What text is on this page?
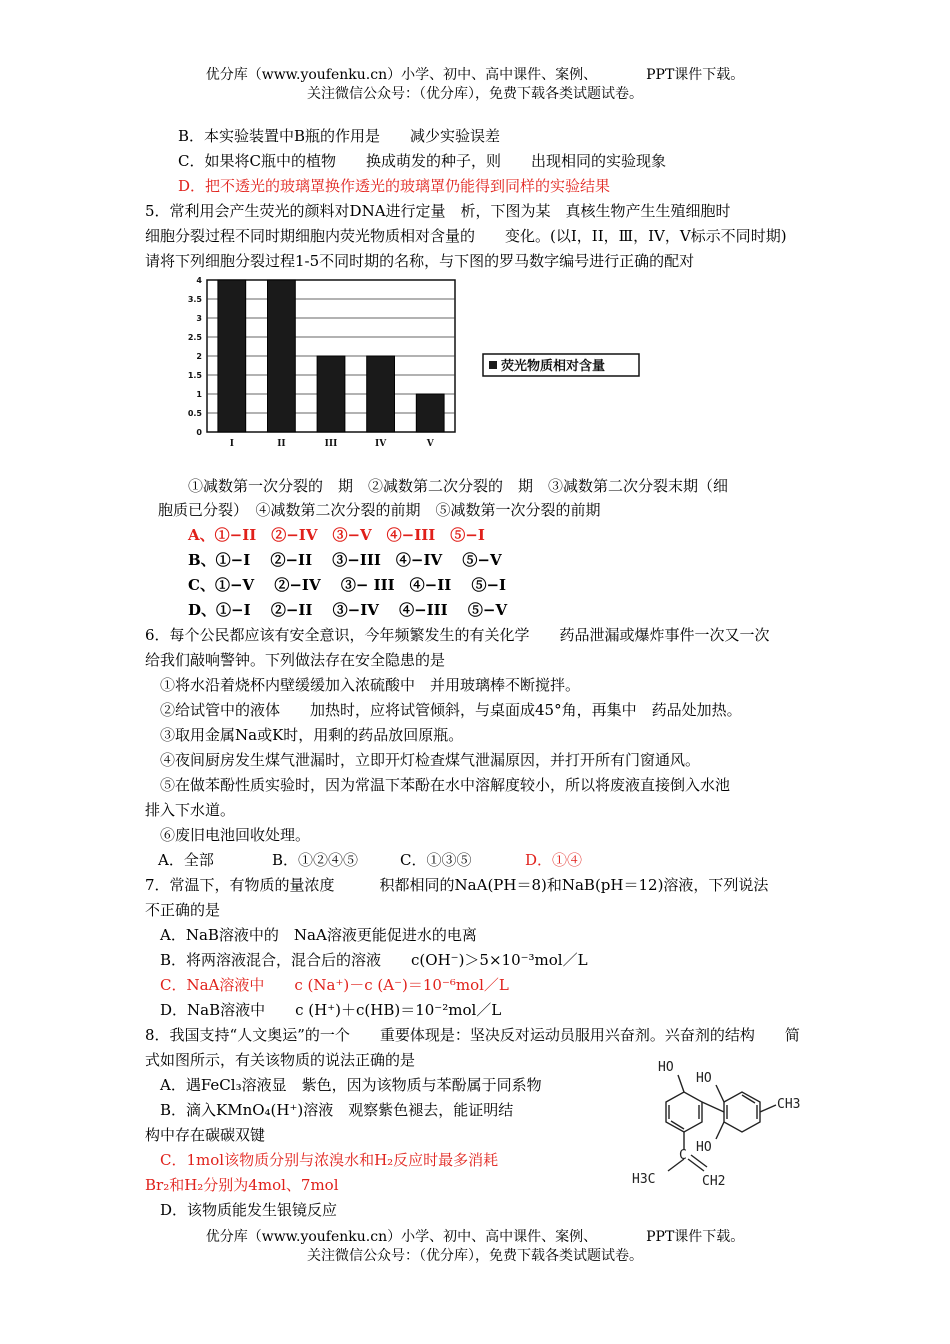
优分库（www.youfenku.cn）小学、初中、高中课件、案例、　　　　PPT课件下载。
关注微信公众号：（优分库），免费下载各类试题试卷。
B．本实验装置中B瓶的作用是　　减少实验误差
C．如果将C瓶中的植物　　换成萌发的种子，则　　出现相同的实验现象
D．把不透光的玻璃罩换作透光的玻璃罩仍能得到同样的实验结果
5．常利用会产生荧光的颜料对DNA进行定量　析，下图为某　真核生物产生生殖细胞时
细胞分裂过程不同时期细胞内荧光物质相对含量的　　变化。(以I，II，Ⅲ，IV，V标示不同时期)
请将下列细胞分裂过程1-5不同时期的名称，与下图的罗马数字编号进行正确的配对
0
0.5
1
1.5
2
2.5
3
3.5
4
I	II	III	IV	V
荧光物质相对含量
①减数第一次分裂的　期　②减数第二次分裂的　期　③减数第二次分裂末期（细
胞质已分裂）　④减数第二次分裂的前期　⑤减数第一次分裂的前期
A、①−II　②−IV　③−V　④−III　⑤−I
B、①−I　 ②−II　 ③−III　④−IV　 ⑤−V
C、①−V　 ②−IV　 ③− III　④−II　 ⑤−I
D、①−I　 ②−II　 ③−IV　 ④−III　 ⑤−V
6．每个公民都应该有安全意识，今年频繁发生的有关化学　　药品泄漏或爆炸事件一次又一次
给我们敲响警钟。下列做法存在安全隐患的是
①将水沿着烧杯内壁缓缓加入浓硫酸中　并用玻璃棒不断搅拌。
②给试管中的液体　　加热时，应将试管倾斜，与桌面成45°角，再集中　药品处加热。
③取用金属Na或K时，用剩的药品放回原瓶。
④夜间厨房发生煤气泄漏时，立即开灯检查煤气泄漏原因，并打开所有门窗通风。
⑤在做苯酚性质实验时，因为常温下苯酚在水中溶解度较小，所以将废液直接倒入水池
排入下水道。
⑥废旧电池回收处理。
A．全部	B．①②④⑤	C．①③⑤	D．①④
7．常温下，有物质的量浓度　　　积都相同的NaA(PH＝8)和NaB(pH＝12)溶液，下列说法
不正确的是
A．NaB溶液中的　NaA溶液更能促进水的电离
B．将两溶液混合，混合后的溶液　　c(OH⁻)＞5×10⁻³mol／L
C．NaA溶液中　　c (Na⁺)－c (A⁻)＝10⁻⁶mol／L
D．NaB溶液中　　c (H⁺)＋c(HB)＝10⁻²mol／L
8．我国支持“人文奥运”的一个　　重要体现是：坚决反对运动员服用兴奋剂。兴奋剂的结构　　简
式如图所示，有关该物质的说法正确的是
A．遇FeCl₃溶液显　紫色，因为该物质与苯酚属于同系物
B．滴入KMnO₄(H⁺)溶液　观察紫色褪去，能证明结
构中存在碳碳双键
C．1mol该物质分别与浓溴水和H₂反应时最多消耗
Br₂和H₂分别为4mol、7mol
D．该物质能发生银镜反应
HO
HO
HO
CH3
H3C
C
CH2
优分库（www.youfenku.cn）小学、初中、高中课件、案例、　　　　PPT课件下载。
关注微信公众号：（优分库），免费下载各类试题试卷。
